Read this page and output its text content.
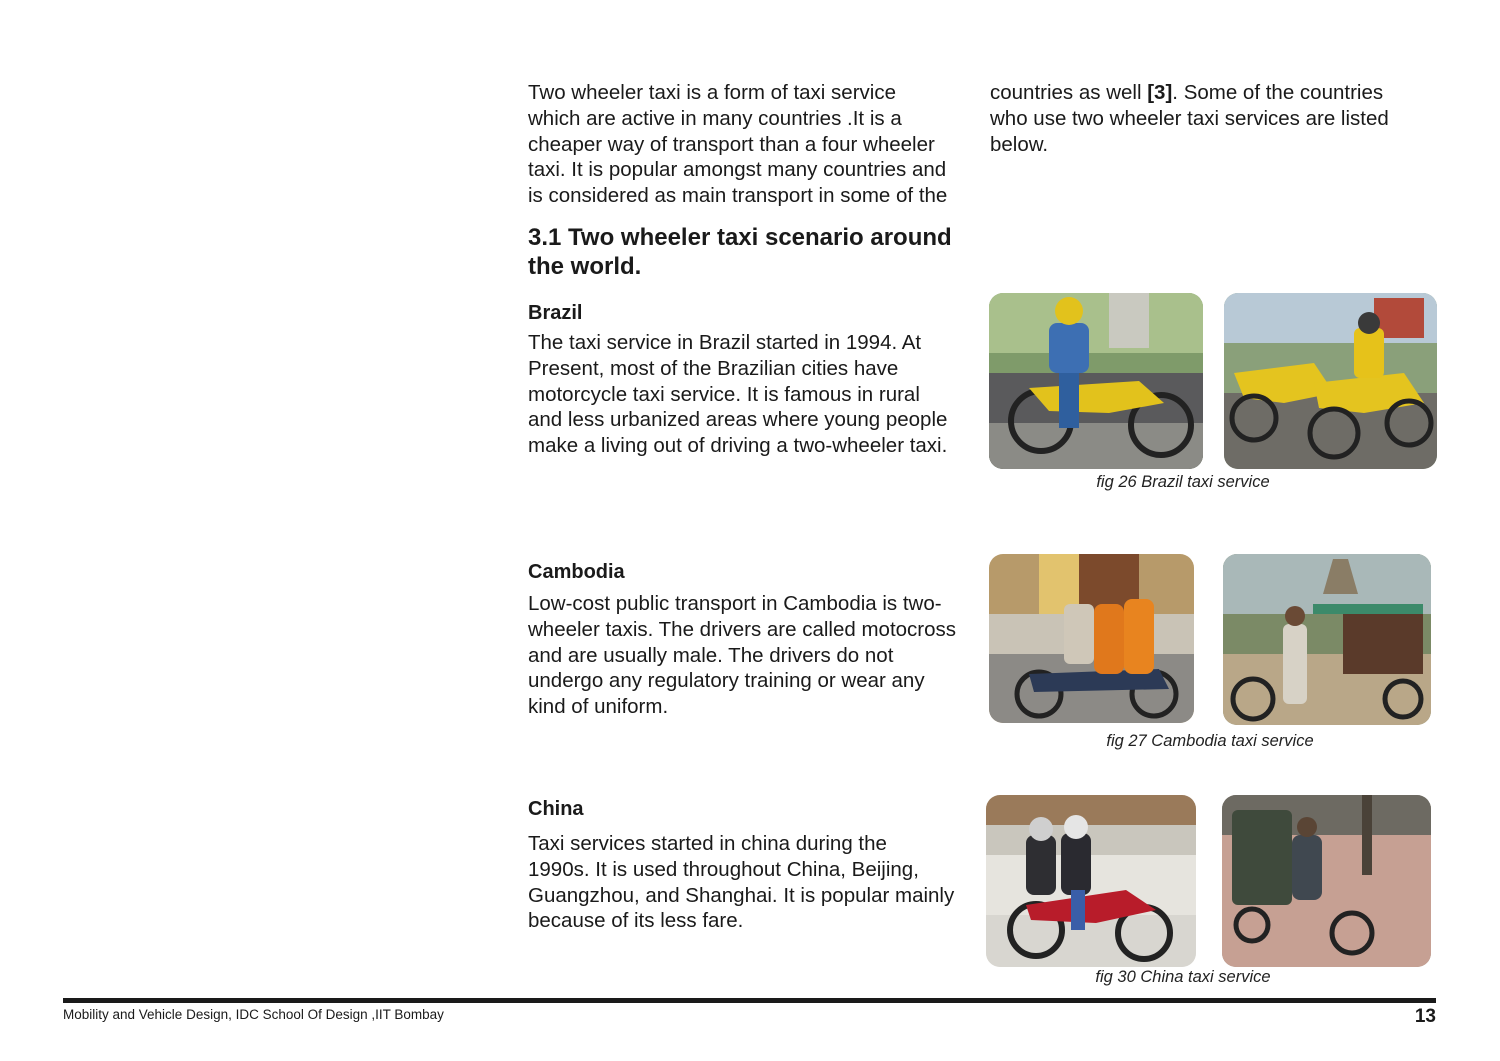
Two wheeler taxi is a form of taxi service
which are active in many countries .It is a
cheaper way of transport than a four wheeler
taxi. It is popular amongst many countries and
is considered as main transport in some of the
countries as well [3]. Some of the countries
who use two wheeler taxi services are listed
below.
3.1 Two wheeler taxi scenario around
the world.
Brazil
The taxi service in Brazil started in 1994. At
Present, most of the Brazilian cities have
motorcycle taxi service. It is famous in rural
and less urbanized areas where young people
make a living out of driving a two-wheeler taxi.
fig 26 Brazil taxi service
Cambodia
Low-cost public transport in Cambodia is two-
wheeler taxis. The drivers are called motocross
and are usually male. The drivers do not
undergo any regulatory training or wear any
kind of uniform.
fig 27 Cambodia taxi service
China
Taxi services started in china during the
1990s. It is used throughout China, Beijing,
Guangzhou, and Shanghai. It is popular mainly
because of its less fare.
fig 30 China taxi service
Mobility and Vehicle Design, IDC School Of Design ,IIT Bombay	13
